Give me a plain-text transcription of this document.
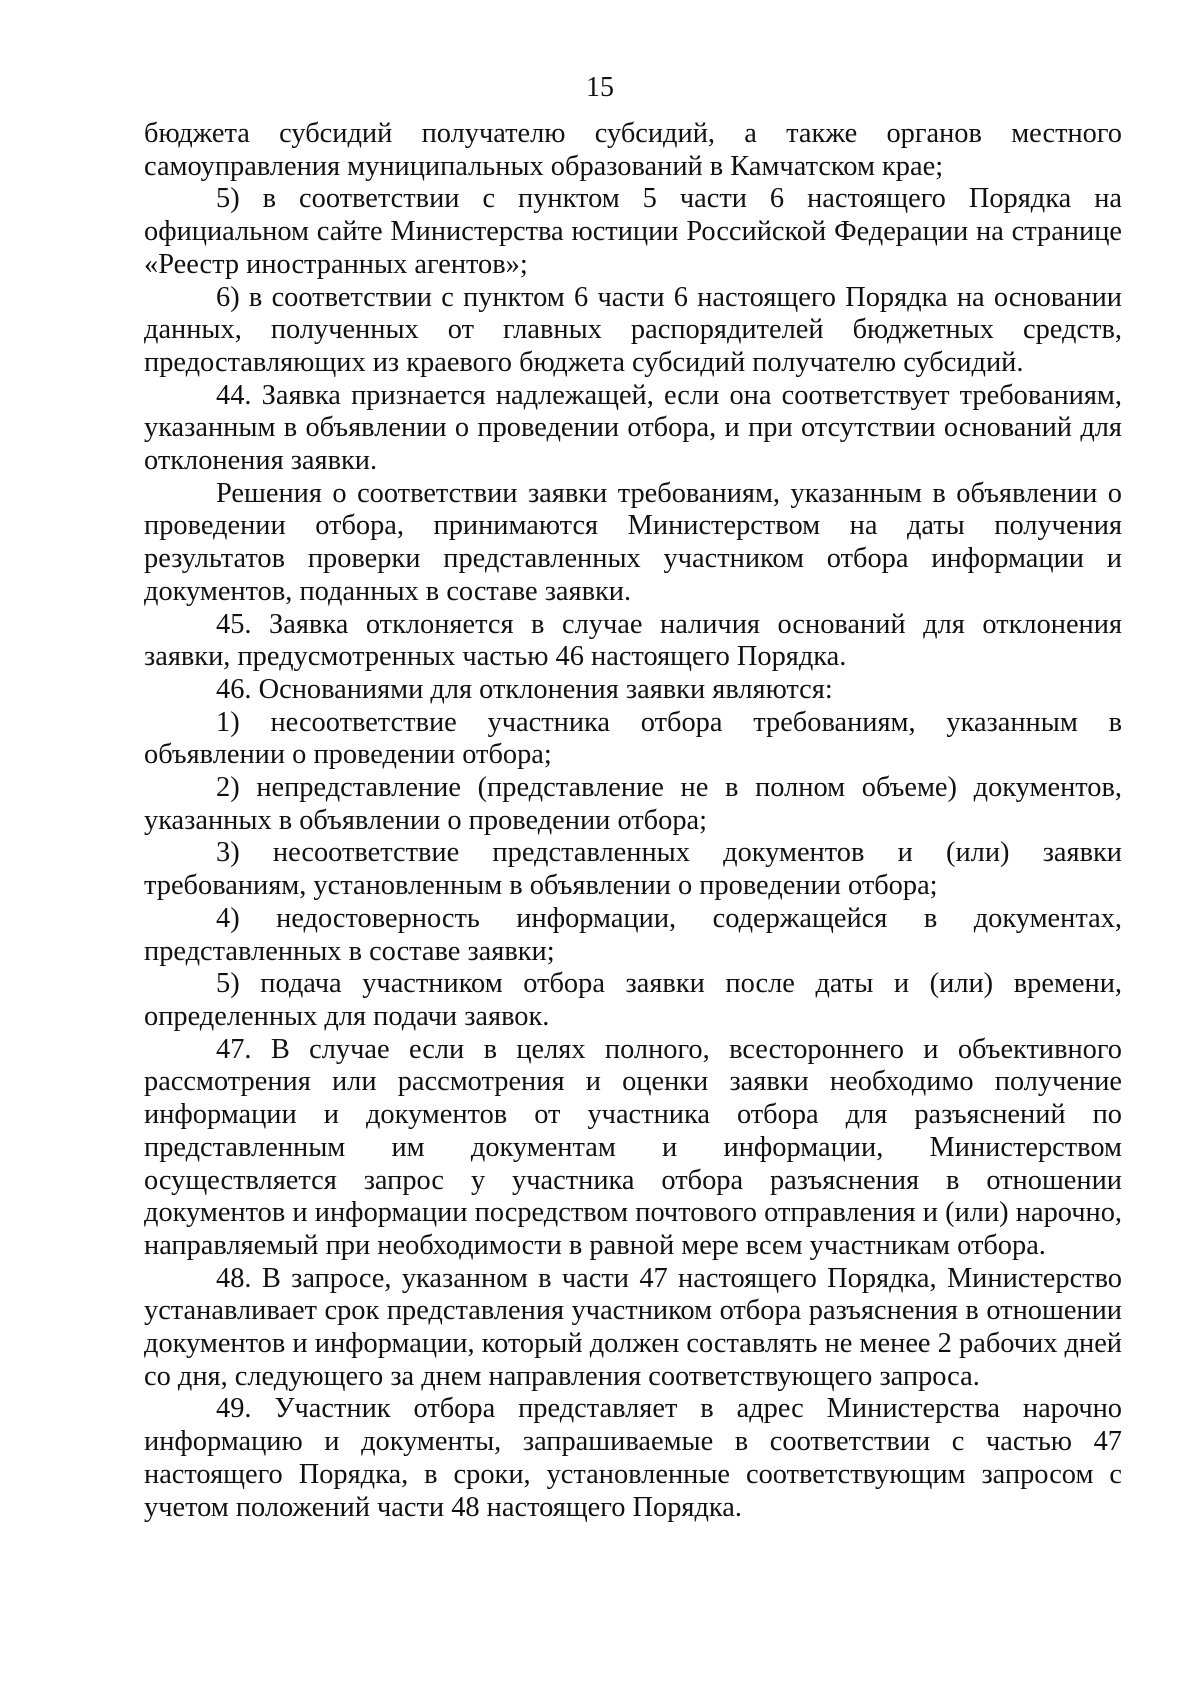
15

бюджета субсидий получателю субсидий, а также органов местного самоуправления муниципальных образований в Камчатском крае;

5) в соответствии с пунктом 5 части 6 настоящего Порядка на официальном сайте Министерства юстиции Российской Федерации на странице «Реестр иностранных агентов»;

6) в соответствии с пунктом 6 части 6 настоящего Порядка на основании данных, полученных от главных распорядителей бюджетных средств, предоставляющих из краевого бюджета субсидий получателю субсидий.

44. Заявка признается надлежащей, если она соответствует требованиям, указанным в объявлении о проведении отбора, и при отсутствии оснований для отклонения заявки.

Решения о соответствии заявки требованиям, указанным в объявлении о проведении отбора, принимаются Министерством на даты получения результатов проверки представленных участником отбора информации и документов, поданных в составе заявки.

45. Заявка отклоняется в случае наличия оснований для отклонения заявки, предусмотренных частью 46 настоящего Порядка.

46. Основаниями для отклонения заявки являются:

1) несоответствие участника отбора требованиям, указанным в объявлении о проведении отбора;

2) непредставление (представление не в полном объеме) документов, указанных в объявлении о проведении отбора;

3) несоответствие представленных документов и (или) заявки требованиям, установленным в объявлении о проведении отбора;

4) недостоверность информации, содержащейся в документах, представленных в составе заявки;

5) подача участником отбора заявки после даты и (или) времени, определенных для подачи заявок.

47. В случае если в целях полного, всестороннего и объективного рассмотрения или рассмотрения и оценки заявки необходимо получение информации и документов от участника отбора для разъяснений по представленным им документам и информации, Министерством осуществляется запрос у участника отбора разъяснения в отношении документов и информации посредством почтового отправления и (или) нарочно, направляемый при необходимости в равной мере всем участникам отбора.

48. В запросе, указанном в части 47 настоящего Порядка, Министерство устанавливает срок представления участником отбора разъяснения в отношении документов и информации, который должен составлять не менее 2 рабочих дней со дня, следующего за днем направления соответствующего запроса.

49. Участник отбора представляет в адрес Министерства нарочно информацию и документы, запрашиваемые в соответствии с частью 47 настоящего Порядка, в сроки, установленные соответствующим запросом с учетом положений части 48 настоящего Порядка.
